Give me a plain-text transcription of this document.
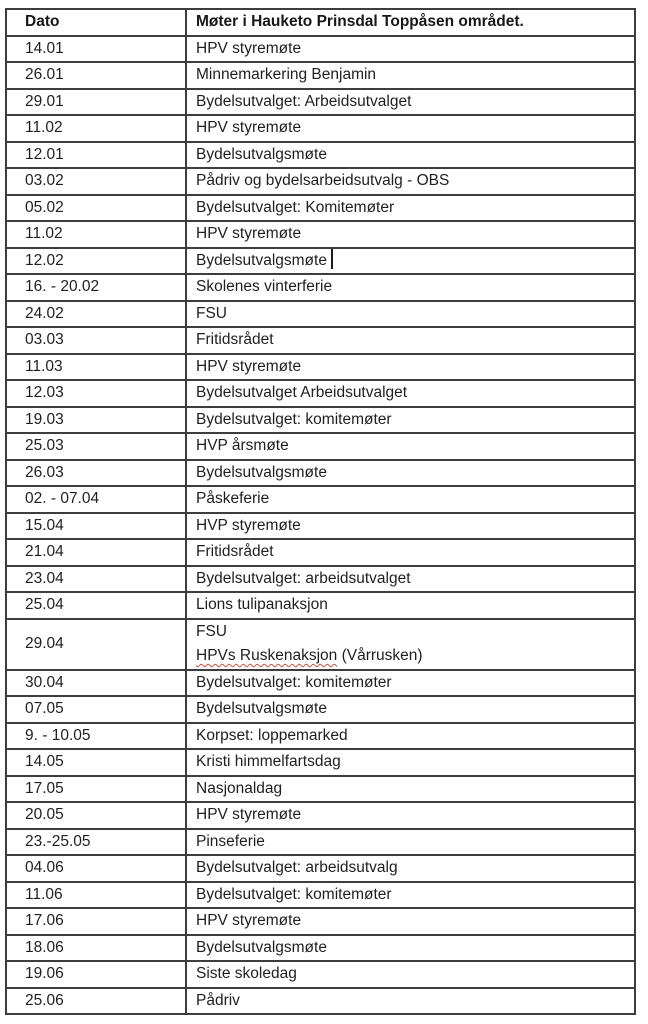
Dato	Møter i Hauketo Prinsdal Toppåsen området.
14.01	HPV styremøte
26.01	Minnemarkering Benjamin
29.01	Bydelsutvalget: Arbeidsutvalget
11.02	HPV styremøte
12.01	Bydelsutvalgsmøte
03.02	Pådriv og bydelsarbeidsutvalg - OBS
05.02	Bydelsutvalget: Komitemøter
11.02	HPV styremøte
12.02	Bydelsutvalgsmøte
16. - 20.02	Skolenes vinterferie
24.02	FSU
03.03	Fritidsrådet
11.03	HPV styremøte
12.03	Bydelsutvalget Arbeidsutvalget
19.03	Bydelsutvalget: komitemøter
25.03	HVP årsmøte
26.03	Bydelsutvalgsmøte
02. - 07.04	Påskeferie
15.04	HVP styremøte
21.04	Fritidsrådet
23.04	Bydelsutvalget: arbeidsutvalget
25.04	Lions tulipanaksjon
29.04	FSU
HPVs Ruskenaksjon (Vårrusken)
30.04	Bydelsutvalget: komitemøter
07.05	Bydelsutvalgsmøte
9. - 10.05	Korpset: loppemarked
14.05	Kristi himmelfartsdag
17.05	Nasjonaldag
20.05	HPV styremøte
23.-25.05	Pinseferie
04.06	Bydelsutvalget: arbeidsutvalg
11.06	Bydelsutvalget: komitemøter
17.06	HPV styremøte
18.06	Bydelsutvalgsmøte
19.06	Siste skoledag
25.06	Pådriv
